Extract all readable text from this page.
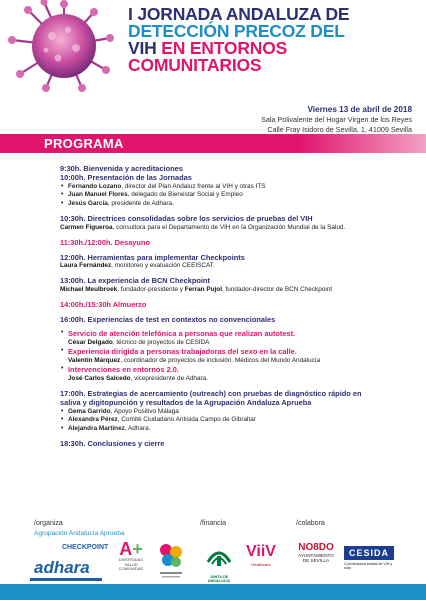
I JORNADA ANDALUZA DE
DETECCIÓN PRECOZ DEL
VIH EN ENTORNOS
COMUNITARIOS
Viernes 13 de abril de 2018
Sala Polivalente del Hogar Virgen de los Reyes
Calle Fray Isidoro de Sevilla, 1, 41009 Sevilla
PROGRAMA
9:30h. Bienvenida y acreditaciones
10:00h. Presentación de las Jornadas
• Fernando Lozano, director del Plan Andaluz frente al VIH y otras ITS
• Juan Manuel Flores, delegado de Bienestar Social y Empleo
• Jesús García, presidente de Adhara.
10:30h. Directrices consolidadas sobre los servicios de pruebas del VIH
Carmen Figueroa, consultora para el Departamento de VIH en la Organización Mundial de la Salud.
11:30h./12:00h. Desayuno
12:00h. Herramientas para implementar Checkpoints
Laura Fernández, monitoreo y evaluación CEEISCAT.
13:00h. La experiencia de BCN Checkpoint
Michael Meulbroek, fundador-presidente y Ferran Pujol, fundador-director de BCN Checkpoint
14:00h./15:30h Almuerzo
16:00h. Experiencias de test en contextos no convencionales
• Servicio de atención telefónica a personas que realizan autotest.
César Delgado, técnico de proyectos de CESIDA
• Experiencia dirigida a personas trabajadoras del sexo en la calle.
Valentín Márquez, coordinador de proyectos de inclusión. Médicos del Mundo Andalucía
• Intervenciones en entornos 2.0.
José Carlos Salcedo, vicepresidente de Adhara.
17:00h. Estrategias de acercamiento (outreach) con pruebas de diagnóstico rápido en
saliva y digitopunción y resultados de la Agrupación Andaluza Aprueba
• Gema Garrido, Apoyo Positivo Málaga
• Alexandra Pérez, Comité Ciudadano Antisida Campo de Gibraltar
• Alejandra Martínez, Adhara.
18:30h. Conclusiones y cierre
/organiza	/financia	/colabora
Agrupación Andalucía Aprueba
CHECKPOINT
adhara
A+
DIVERSIDAD
SALUD
COMUNIDAD
JUNTA DE ANDALUCIA
ViiV
Healthcare
NO8DO
AYUNTAMIENTO
DE SEVILLA
CESIDA
Coordinadora estatal de VIH y sida
